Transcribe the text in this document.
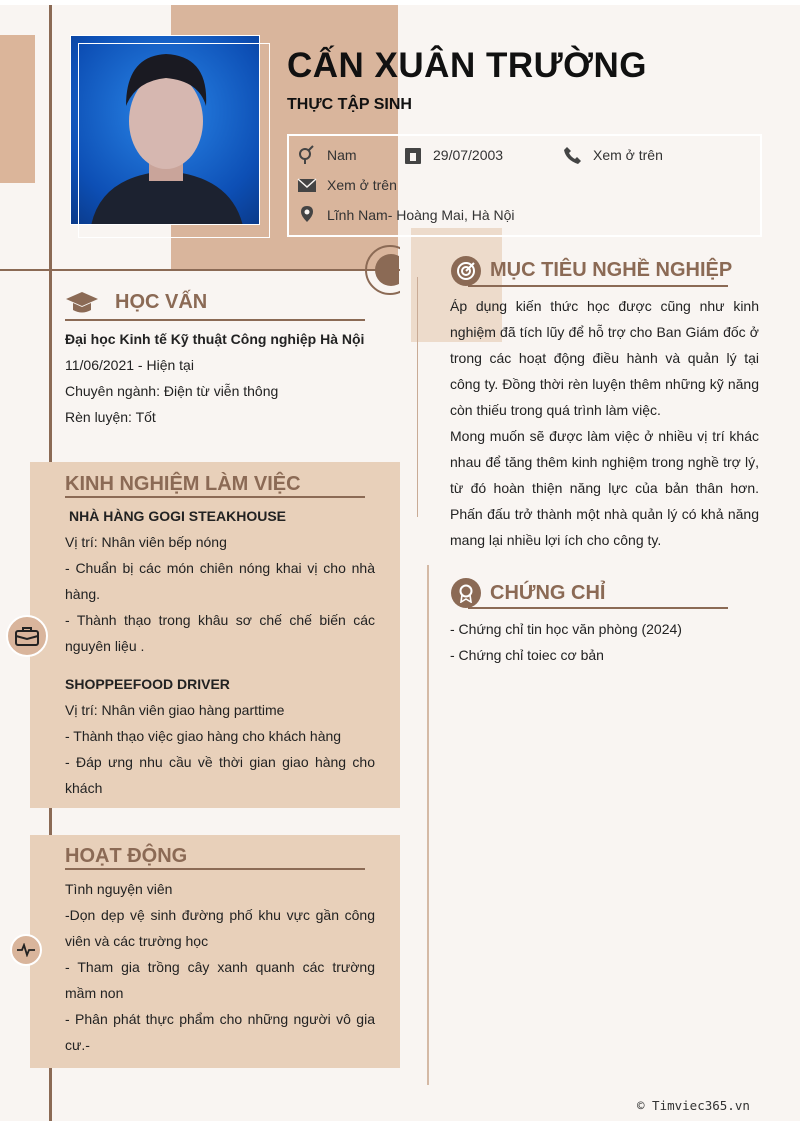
CẤN XUÂN TRƯỜNG
THỰC TẬP SINH
Nam	29/07/2003	Xem ở trên
Xem ở trên
Lĩnh Nam- Hoàng Mai, Hà Nội
HỌC VẤN
Đại học Kinh tế Kỹ thuật Công nghiệp Hà Nội
11/06/2021 - Hiện tại
Chuyên ngành: Điện từ viễn thông
Rèn luyện: Tốt
KINH NGHIỆM LÀM VIỆC
NHÀ HÀNG GOGI STEAKHOUSE
Vị trí: Nhân viên bếp nóng
- Chuẩn bị các món chiên nóng khai vị cho nhà hàng.
- Thành thạo trong khâu sơ chế chế biến các nguyên liệu .
SHOPPEEFOOD DRIVER
Vị trí: Nhân viên giao hàng parttime
- Thành thạo việc giao hàng cho khách hàng
- Đáp ưng nhu cầu về thời gian giao hàng cho khách
HOẠT ĐỘNG
Tình nguyện viên
-Dọn dẹp vệ sinh đường phố khu vực gần công viên và các trường học
- Tham gia trồng cây xanh quanh các trường mầm non
- Phân phát thực phẩm cho những người vô gia cư.-
MỤC TIÊU NGHỀ NGHIỆP
Áp dụng kiến thức học được cũng như kinh nghiệm đã tích lũy để hỗ trợ cho Ban Giám đốc ở trong các hoạt động điều hành và quản lý tại công ty. Đồng thời rèn luyện thêm những kỹ năng còn thiếu trong quá trình làm việc.
Mong muốn sẽ được làm việc ở nhiều vị trí khác nhau để tăng thêm kinh nghiệm trong nghề trợ lý, từ đó hoàn thiện năng lực của bản thân hơn. Phấn đấu trở thành một nhà quản lý có khả năng mang lại nhiều lợi ích cho công ty.
CHỨNG CHỈ
- Chứng chỉ tin học văn phòng (2024)
- Chứng chỉ toiec cơ bản
© Timviec365.vn
